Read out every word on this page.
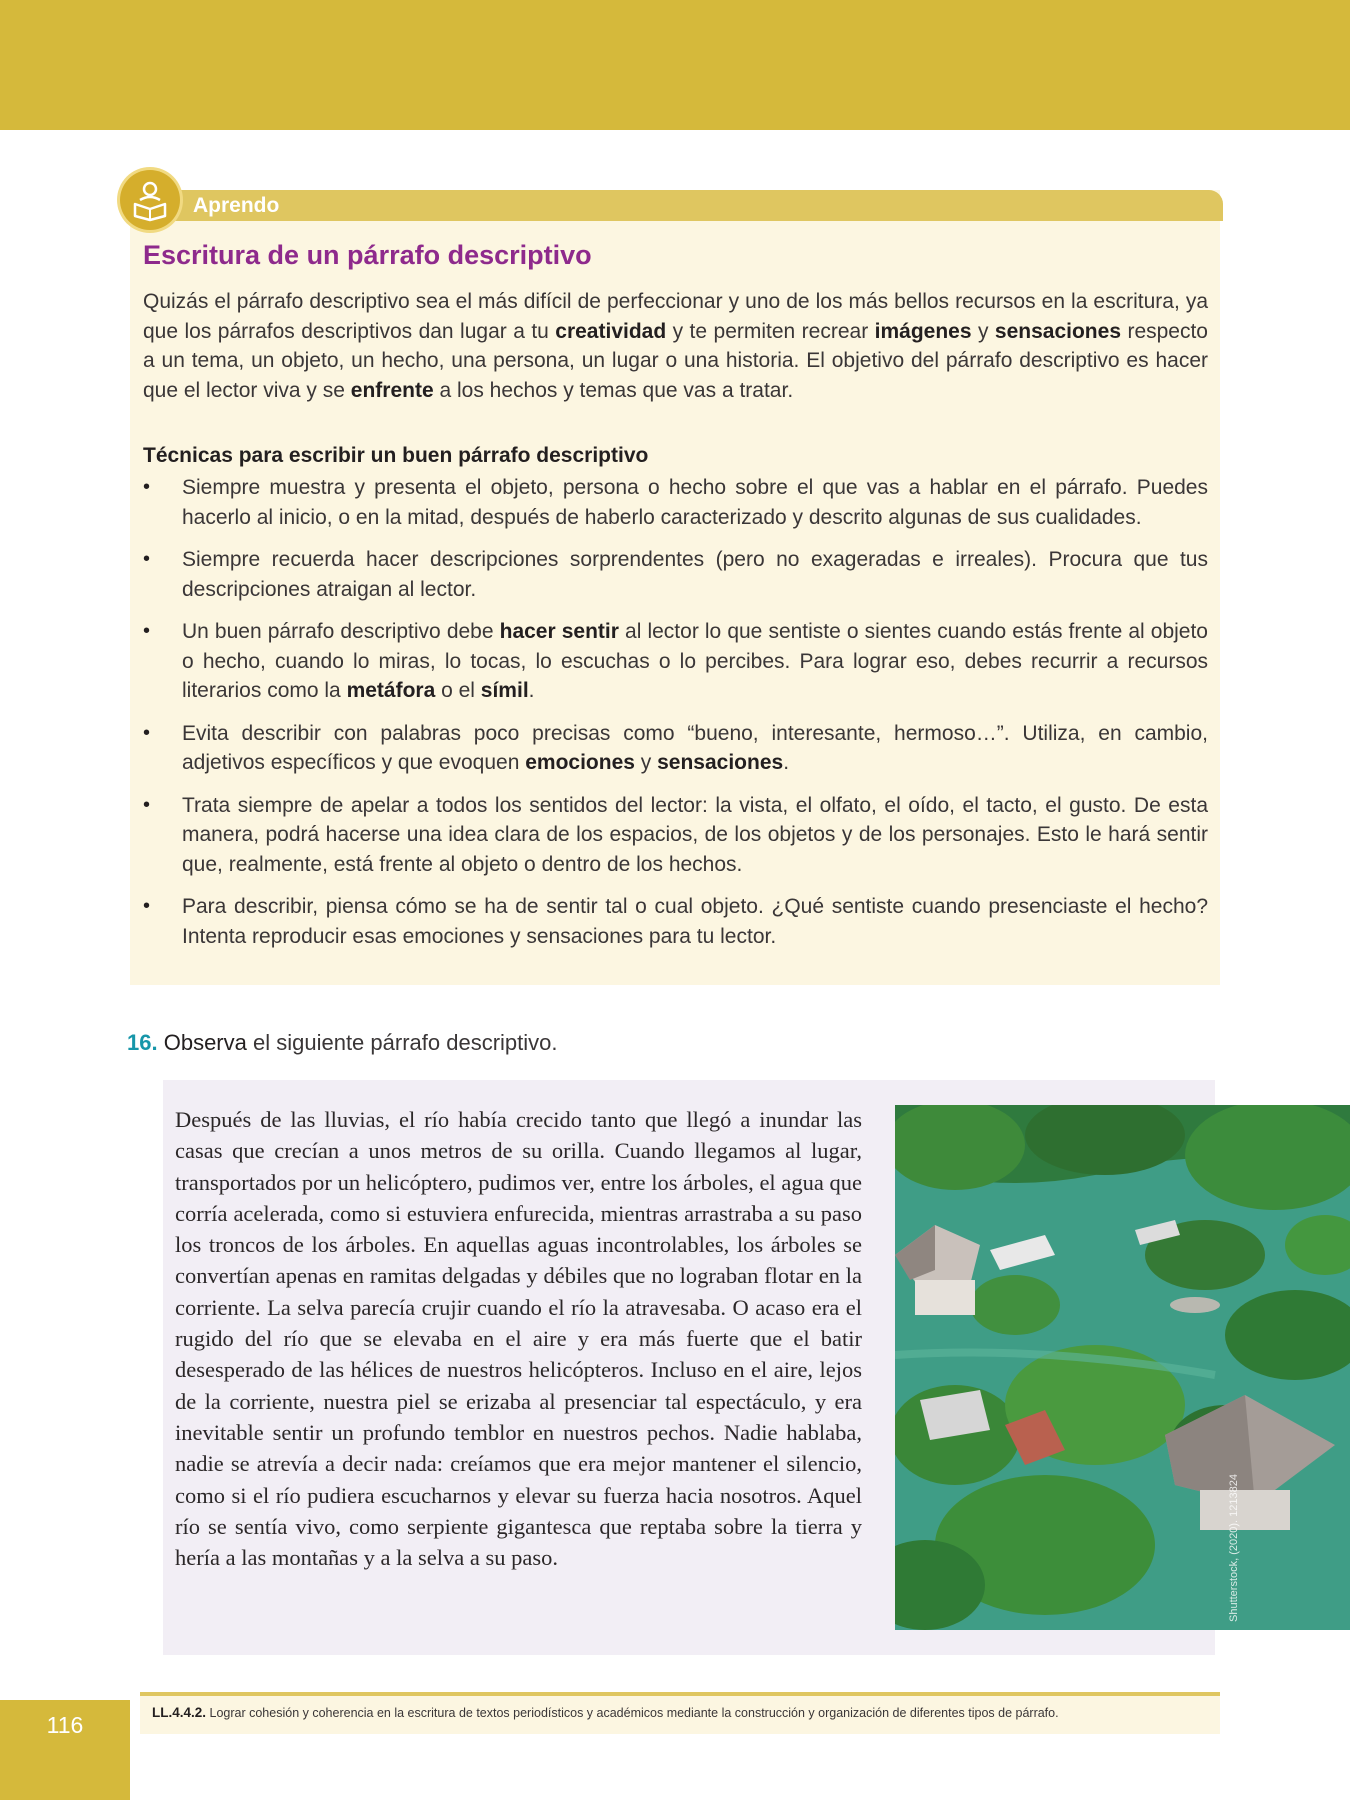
Aprendo
Escritura de un párrafo descriptivo

Quizás el párrafo descriptivo sea el más difícil de perfeccionar y uno de los más bellos recursos en la escritura, ya que los párrafos descriptivos dan lugar a tu creatividad y te permiten recrear imágenes y sensaciones respecto a un tema, un objeto, un hecho, una persona, un lugar o una historia. El objetivo del párrafo descriptivo es hacer que el lector viva y se enfrente a los hechos y temas que vas a tratar.

Técnicas para escribir un buen párrafo descriptivo
• Siempre muestra y presenta el objeto, persona o hecho sobre el que vas a hablar en el párrafo. Puedes hacerlo al inicio, o en la mitad, después de haberlo caracterizado y descrito algunas de sus cualidades.
• Siempre recuerda hacer descripciones sorprendentes (pero no exageradas e irreales). Procura que tus descripciones atraigan al lector.
• Un buen párrafo descriptivo debe hacer sentir al lector lo que sentiste o sientes cuando estás frente al objeto o hecho, cuando lo miras, lo tocas, lo escuchas o lo percibes. Para lograr eso, debes recurrir a recursos literarios como la metáfora o el símil.
• Evita describir con palabras poco precisas como “bueno, interesante, hermoso…”. Utiliza, en cambio, adjetivos específicos y que evoquen emociones y sensaciones.
• Trata siempre de apelar a todos los sentidos del lector: la vista, el olfato, el oído, el tacto, el gusto. De esta manera, podrá hacerse una idea clara de los espacios, de los objetos y de los personajes. Esto le hará sentir que, realmente, está frente al objeto o dentro de los hechos.
• Para describir, piensa cómo se ha de sentir tal o cual objeto. ¿Qué sentiste cuando presenciaste el hecho? Intenta reproducir esas emociones y sensaciones para tu lector.

16. Observa el siguiente párrafo descriptivo.

Después de las lluvias, el río había crecido tanto que llegó a inundar las casas que crecían a unos metros de su orilla. Cuando llegamos al lugar, transportados por un helicóptero, pudimos ver, entre los árboles, el agua que corría acelerada, como si estuviera enfurecida, mientras arrastraba a su paso los troncos de los árboles. En aquellas aguas incontrolables, los árboles se convertían apenas en ramitas delgadas y débiles que no lograban flotar en la corriente. La selva parecía crujir cuando el río la atravesaba. O acaso era el rugido del río que se elevaba en el aire y era más fuerte que el batir desesperado de las hélices de nuestros helicópteros. Incluso en el aire, lejos de la corriente, nuestra piel se erizaba al presenciar tal espectáculo, y era inevitable sentir un profundo temblor en nuestros pechos. Nadie hablaba, nadie se atrevía a decir nada: creíamos que era mejor mantener el silencio, como si el río pudiera escucharnos y elevar su fuerza hacia nosotros. Aquel río se sentía vivo, como serpiente gigantesca que reptaba sobre la tierra y hería a las montañas y a la selva a su paso.	Shutterstock, (2020). 1213824
116	LL.4.4.2. Lograr cohesión y coherencia en la escritura de textos periodísticos y académicos mediante la construcción y organización de diferentes tipos de párrafo.
